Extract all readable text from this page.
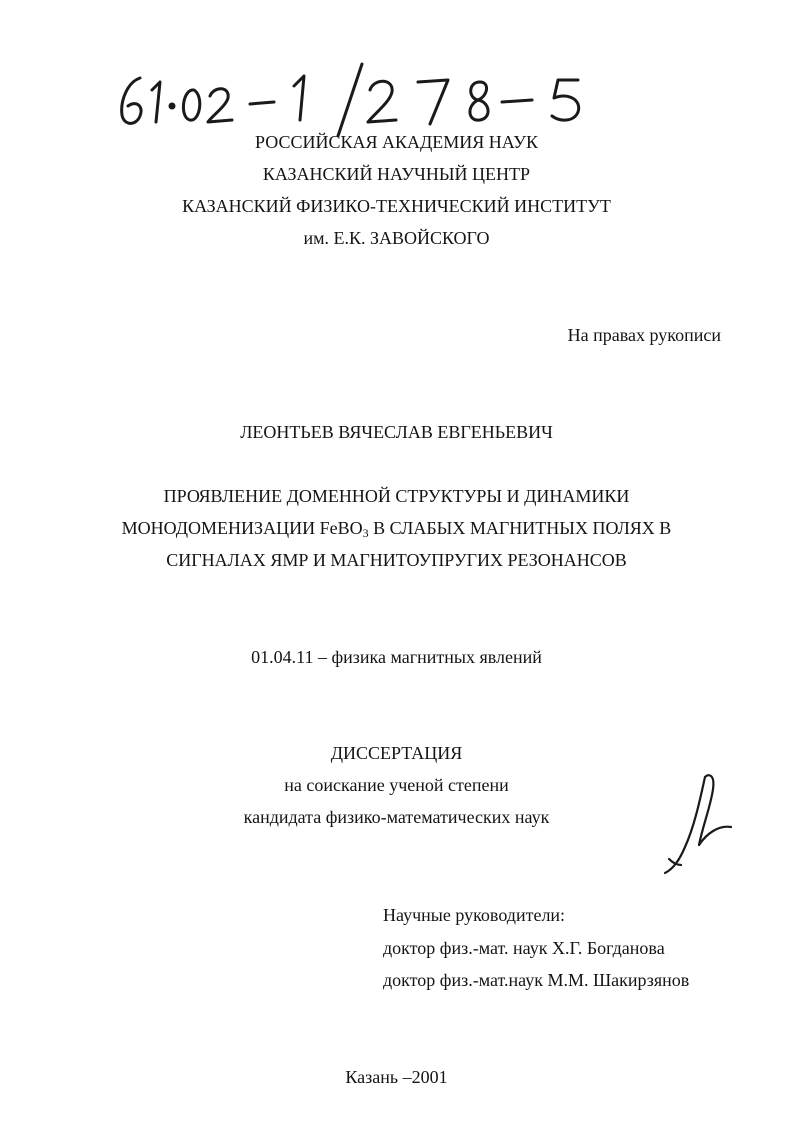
РОССИЙСКАЯ АКАДЕМИЯ НАУК
КАЗАНСКИЙ НАУЧНЫЙ ЦЕНТР
КАЗАНСКИЙ ФИЗИКО-ТЕХНИЧЕСКИЙ ИНСТИТУТ
им. Е.К. ЗАВОЙСКОГО
На правах рукописи
ЛЕОНТЬЕВ ВЯЧЕСЛАВ ЕВГЕНЬЕВИЧ
ПРОЯВЛЕНИЕ ДОМЕННОЙ СТРУКТУРЫ И ДИНАМИКИ
МОНОДОМЕНИЗАЦИИ FeBO$_3$ В СЛАБЫХ МАГНИТНЫХ ПОЛЯХ В
СИГНАЛАХ ЯМР И МАГНИТОУПРУГИХ РЕЗОНАНСОВ
01.04.11 – физика магнитных явлений
ДИССЕРТАЦИЯ
на соискание ученой степени
кандидата физико-математических наук
Научные руководители:
доктор физ.-мат. наук Х.Г. Богданова
доктор физ.-мат.наук М.М. Шакирзянов
Казань –2001
